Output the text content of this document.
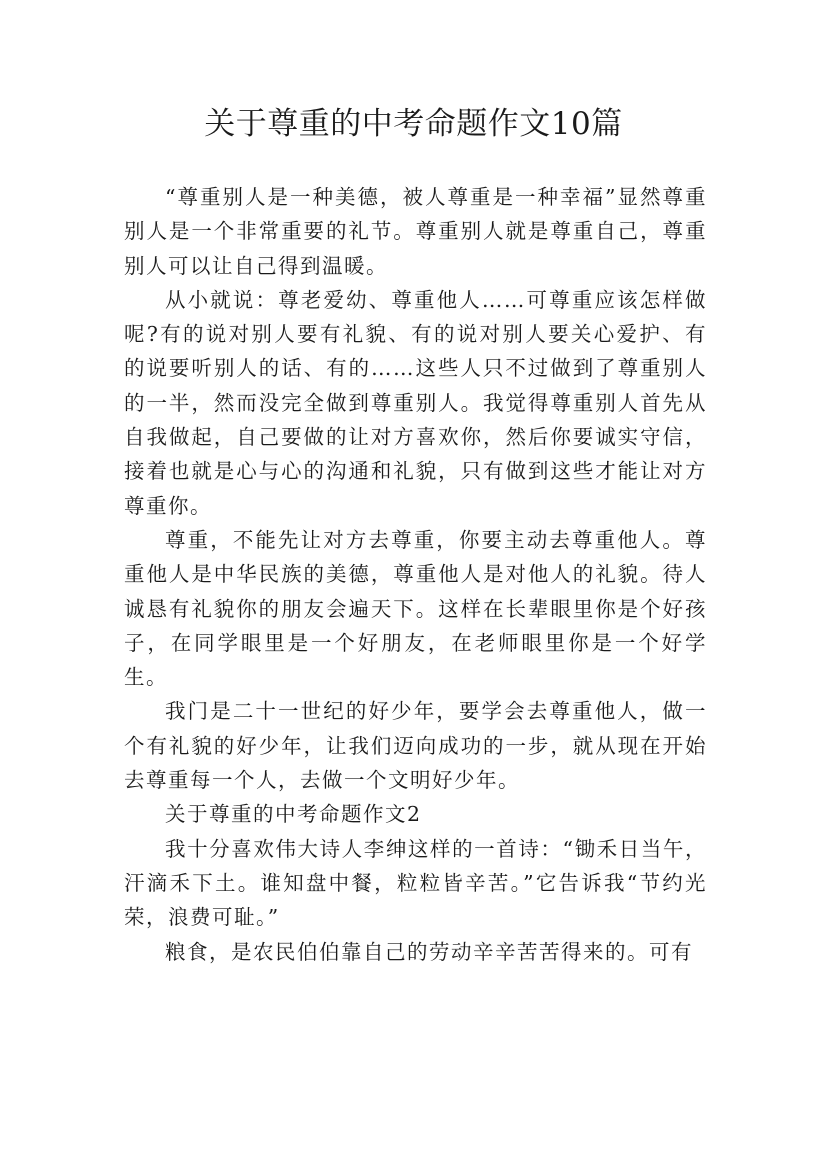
关于尊重的中考命题作文10篇

“尊重别人是一种美德，被人尊重是一种幸福”显然尊重别人是一个非常重要的礼节。尊重别人就是尊重自己，尊重别人可以让自己得到温暖。

从小就说：尊老爱幼、尊重他人……可尊重应该怎样做呢?有的说对别人要有礼貌、有的说对别人要关心爱护、有的说要听别人的话、有的……这些人只不过做到了尊重别人的一半，然而没完全做到尊重别人。我觉得尊重别人首先从自我做起，自己要做的让对方喜欢你，然后你要诚实守信，接着也就是心与心的沟通和礼貌，只有做到这些才能让对方尊重你。

尊重，不能先让对方去尊重，你要主动去尊重他人。尊重他人是中华民族的美德，尊重他人是对他人的礼貌。待人诚恳有礼貌你的朋友会遍天下。这样在长辈眼里你是个好孩子，在同学眼里是一个好朋友，在老师眼里你是一个好学生。

我门是二十一世纪的好少年，要学会去尊重他人，做一个有礼貌的好少年，让我们迈向成功的一步，就从现在开始去尊重每一个人，去做一个文明好少年。

关于尊重的中考命题作文2

我十分喜欢伟大诗人李绅这样的一首诗：“锄禾日当午，汗滴禾下土。谁知盘中餐，粒粒皆辛苦。”它告诉我“节约光荣，浪费可耻。”

粮食，是农民伯伯靠自己的劳动辛辛苦苦得来的。可有
